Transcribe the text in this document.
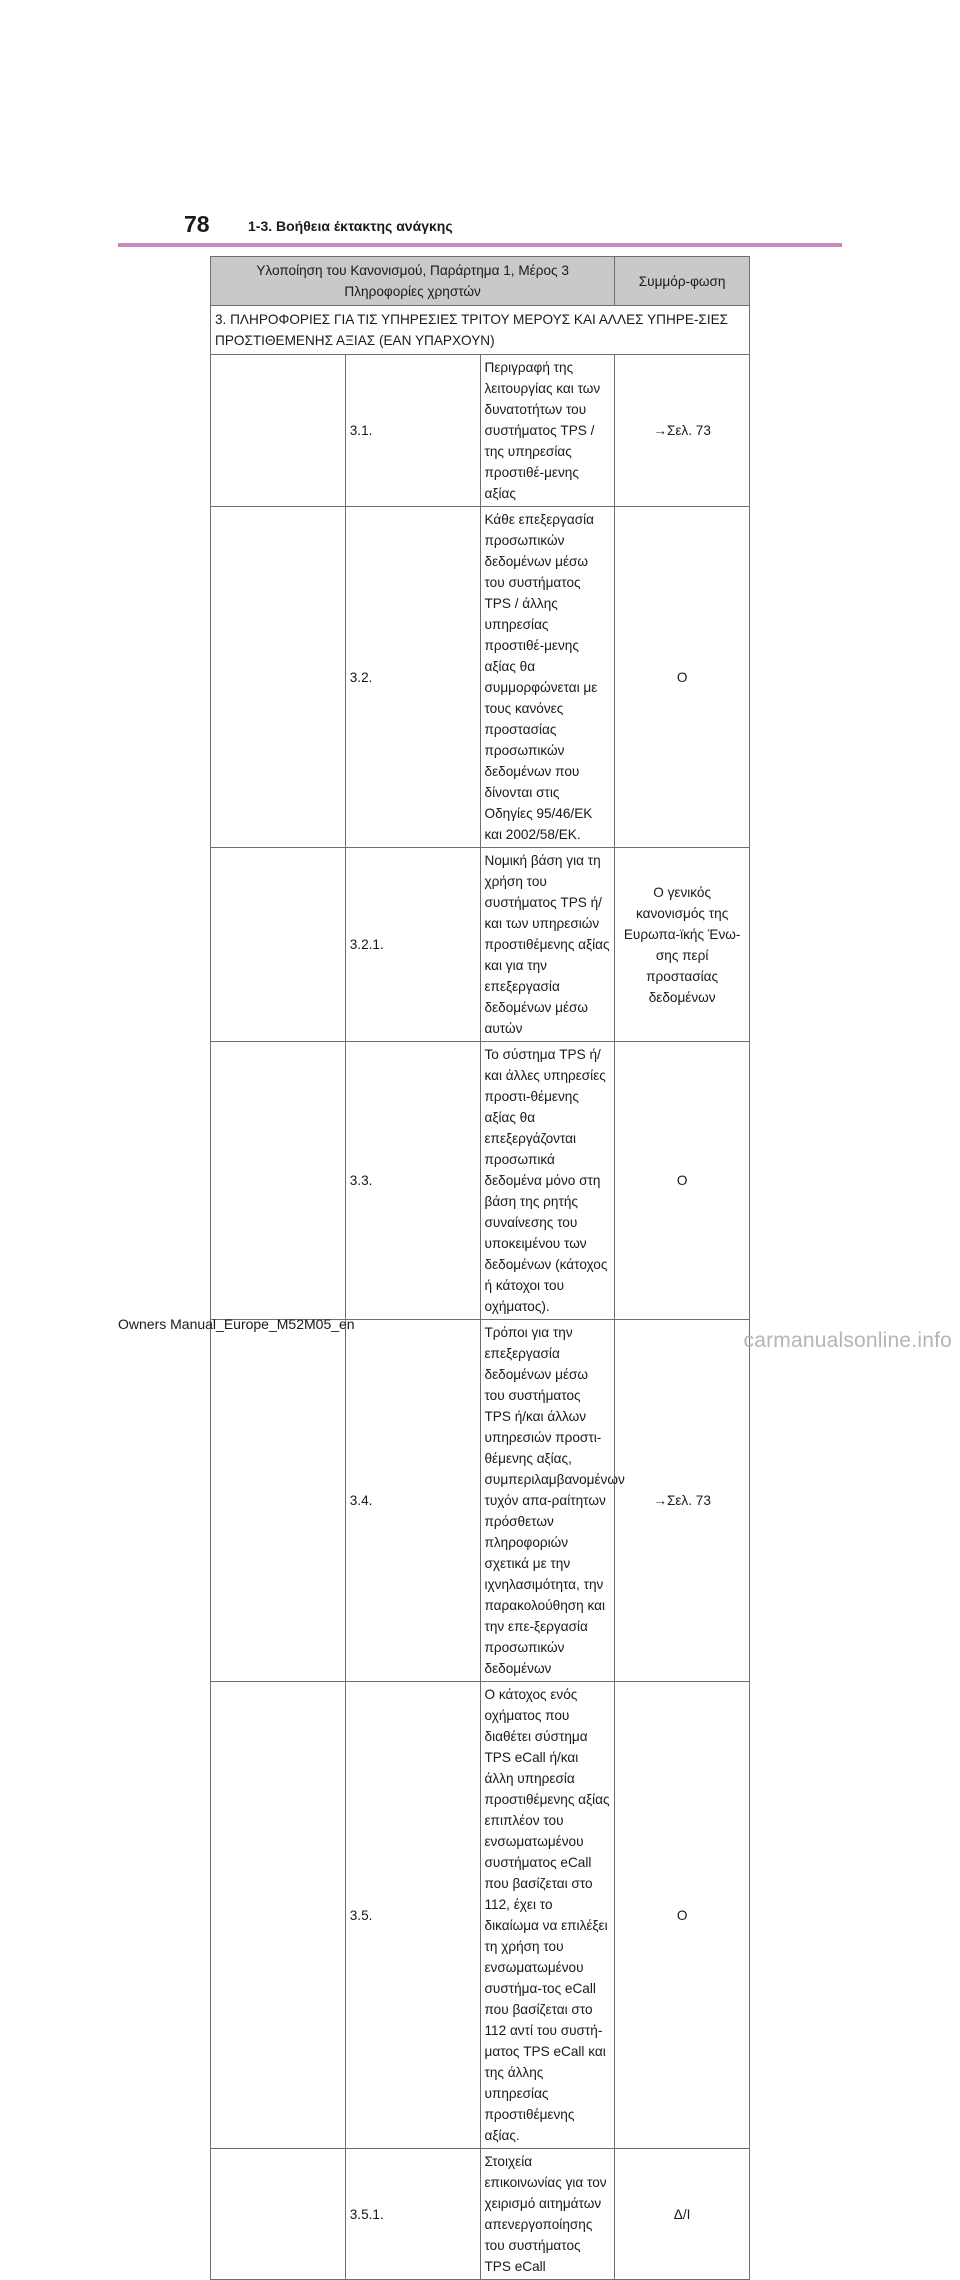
78	1-3. Βοήθεια έκτακτης ανάγκης
Υλοποίηση του Κανονισμού, Παράρτημα 1, Μέρος 3 Πληροφορίες χρηστών			Συμμόρ-φωση
3. ΠΛΗΡΟΦΟΡΙΕΣ ΓΙΑ ΤΙΣ ΥΠΗΡΕΣΙΕΣ ΤΡΙΤΟΥ ΜΕΡΟΥΣ ΚΑΙ ΑΛΛΕΣ ΥΠΗΡΕ-ΣΙΕΣ ΠΡΟΣΤΙΘΕΜΕΝΗΣ ΑΞΙΑΣ (ΕΑΝ ΥΠΑΡΧΟΥΝ)			
	3.1.	Περιγραφή της λειτουργίας και των δυνατοτήτων του συστήματος TPS / της υπηρεσίας προστιθέ-μενης αξίας	→Σελ. 73
	3.2.	Κάθε επεξεργασία προσωπικών δεδομένων μέσω του συστήματος TPS / άλλης υπηρεσίας προστιθέ-μενης αξίας θα συμμορφώνεται με τους κανόνες προστασίας προσωπικών δεδομένων που δίνονται στις Οδηγίες 95/46/ΕΚ και 2002/58/ΕΚ.	Ο
	3.2.1.	Νομική βάση για τη χρήση του συστήματος TPS ή/και των υπηρεσιών προστιθέμενης αξίας και για την επεξεργασία δεδομένων μέσω αυτών	Ο γενικός κανονισμός της Ευρωπα-ϊκής Ένω-σης περί προστασίας δεδομένων
	3.3.	Το σύστημα TPS ή/και άλλες υπηρεσίες προστι-θέμενης αξίας θα επεξεργάζονται προσωπικά δεδομένα μόνο στη βάση της ρητής συναίνεσης του υποκειμένου των δεδομένων (κάτοχος ή κάτοχοι του οχήματος).	Ο
	3.4.	Τρόποι για την επεξεργασία δεδομένων μέσω του συστήματος TPS ή/και άλλων υπηρεσιών προστι-θέμενης αξίας, συμπεριλαμβανομένων τυχόν απα-ραίτητων πρόσθετων πληροφοριών σχετικά με την ιχνηλασιμότητα, την παρακολούθηση και την επε-ξεργασία προσωπικών δεδομένων	→Σελ. 73
	3.5.	Ο κάτοχος ενός οχήματος που διαθέτει σύστημα TPS eCall ή/και άλλη υπηρεσία προστιθέμενης αξίας επιπλέον του ενσωματωμένου συστήματος eCall που βασίζεται στο 112, έχει το δικαίωμα να επιλέξει τη χρήση του ενσωματωμένου συστήμα-τος eCall που βασίζεται στο 112 αντί του συστή-ματος TPS eCall και της άλλης υπηρεσίας προστιθέμενης αξίας.	Ο
	3.5.1.	Στοιχεία επικοινωνίας για τον χειρισμό αιτημάτων απενεργοποίησης του συστήματος TPS eCall	Δ/Ι
Owners Manual_Europe_M52M05_en
carmanualsonline.info
